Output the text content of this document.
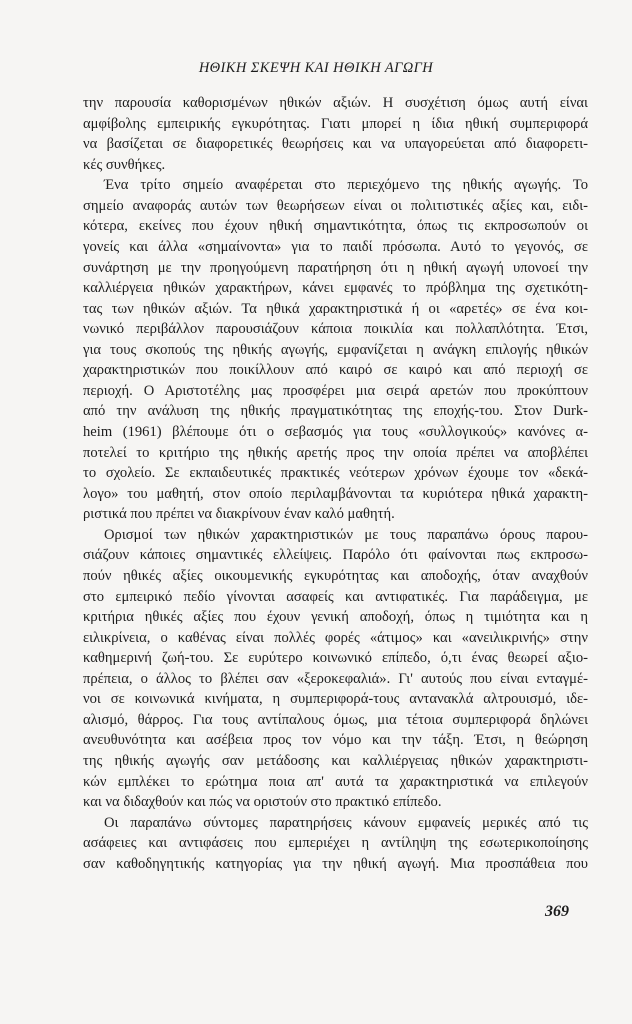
ΗΘΙΚΗ ΣΚΕΨΗ ΚΑΙ ΗΘΙΚΗ ΑΓΩΓΗ
την παρουσία καθορισμένων ηθικών αξιών. Η συσχέτιση όμως αυτή είναι
αμφίβολης εμπειρικής εγκυρότητας. Γιατι μπορεί η ίδια ηθική συμπεριφορά
να βασίζεται σε διαφορετικές θεωρήσεις και να υπαγορεύεται από διαφορετι-
κές συνθήκες.
Ένα τρίτο σημείο αναφέρεται στο περιεχόμενο της ηθικής αγωγής. Το
σημείο αναφοράς αυτών των θεωρήσεων είναι οι πολιτιστικές αξίες και, ειδι-
κότερα, εκείνες που έχουν ηθική σημαντικότητα, όπως τις εκπροσωπούν οι
γονείς και άλλα «σημαίνοντα» για το παιδί πρόσωπα. Αυτό το γεγονός, σε
συνάρτηση με την προηγούμενη παρατήρηση ότι η ηθική αγωγή υπονοεί την
καλλιέργεια ηθικών χαρακτήρων, κάνει εμφανές το πρόβλημα της σχετικότη-
τας των ηθικών αξιών. Τα ηθικά χαρακτηριστικά ή οι «αρετές» σε ένα κοι-
νωνικό περιβάλλον παρουσιάζουν κάποια ποικιλία και πολλαπλότητα. Έτσι,
για τους σκοπούς της ηθικής αγωγής, εμφανίζεται η ανάγκη επιλογής ηθικών
χαρακτηριστικών που ποικίλλουν από καιρό σε καιρό και από περιοχή σε
περιοχή. Ο Αριστοτέλης μας προσφέρει μια σειρά αρετών που προκύπτουν
από την ανάλυση της ηθικής πραγματικότητας της εποχής-του. Στον Durk-
heim (1961) βλέπουμε ότι ο σεβασμός για τους «συλλογικούς» κανόνες α-
ποτελεί το κριτήριο της ηθικής αρετής προς την οποία πρέπει να αποβλέπει
το σχολείο. Σε εκπαιδευτικές πρακτικές νεότερων χρόνων έχουμε τον «δεκά-
λογο» του μαθητή, στον οποίο περιλαμβάνονται τα κυριότερα ηθικά χαρακτη-
ριστικά που πρέπει να διακρίνουν έναν καλό μαθητή.
Ορισμοί των ηθικών χαρακτηριστικών με τους παραπάνω όρους παρου-
σιάζουν κάποιες σημαντικές ελλείψεις. Παρόλο ότι φαίνονται πως εκπροσω-
πούν ηθικές αξίες οικουμενικής εγκυρότητας και αποδοχής, όταν αναχθούν
στο εμπειρικό πεδίο γίνονται ασαφείς και αντιφατικές. Για παράδειγμα, με
κριτήρια ηθικές αξίες που έχουν γενική αποδοχή, όπως η τιμιότητα και η
ειλικρίνεια, ο καθένας είναι πολλές φορές «άτιμος» και «ανειλικρινής» στην
καθημερινή ζωή-του. Σε ευρύτερο κοινωνικό επίπεδο, ό,τι ένας θεωρεί αξιο-
πρέπεια, ο άλλος το βλέπει σαν «ξεροκεφαλιά». Γι' αυτούς που είναι ενταγμέ-
νοι σε κοινωνικά κινήματα, η συμπεριφορά-τους αντανακλά αλτρουισμό, ιδε-
αλισμό, θάρρος. Για τους αντίπαλους όμως, μια τέτοια συμπεριφορά δηλώνει
ανευθυνότητα και ασέβεια προς τον νόμο και την τάξη. Έτσι, η θεώρηση
της ηθικής αγωγής σαν μετάδοσης και καλλιέργειας ηθικών χαρακτηριστι-
κών εμπλέκει το ερώτημα ποια απ' αυτά τα χαρακτηριστικά να επιλεγούν
και να διδαχθούν και πώς να οριστούν στο πρακτικό επίπεδο.
Οι παραπάνω σύντομες παρατηρήσεις κάνουν εμφανείς μερικές από τις
ασάφειες και αντιφάσεις που εμπεριέχει η αντίληψη της εσωτερικοποίησης
σαν καθοδηγητικής κατηγορίας για την ηθική αγωγή. Μια προσπάθεια που
369
